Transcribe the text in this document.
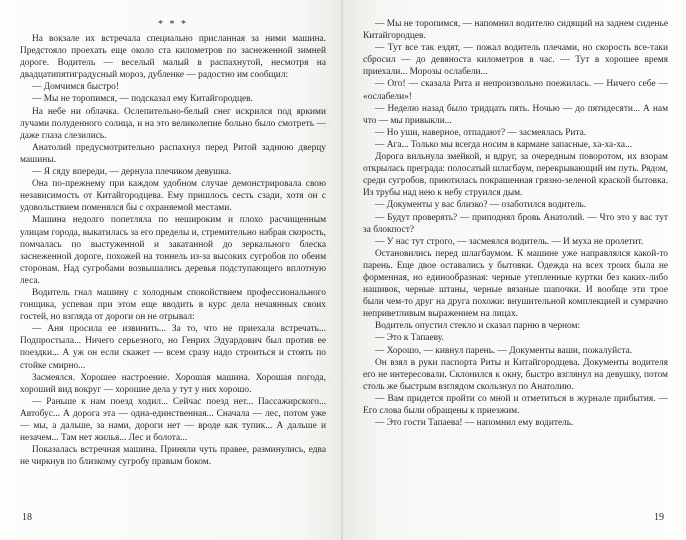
* * *

На вокзале их встречала специально присланная за ними машина. Предстояло проехать еще около ста километров по заснеженной зимней дороге. Водитель — веселый малый в распахнутой, несмотря на двадцатипятиградусный мороз, дубленке — радостно им сообщил:

— Домчимся быстро!

— Мы не торопимся, — подсказал ему Китайгородцев.

На небе ни облачка. Ослепительно-белый снег искрился под яркими лучами полуденного солнца, и на это великолепие больно было смотреть — даже глаза слезились.

Анатолий предусмотрительно распахнул перед Ритой заднюю дверцу машины.

— Я сяду впереди, — дернула плечиком девушка.

Она по-прежнему при каждом удобном случае демонстрировала свою независимость от Китайгородцева. Ему пришлось сесть сзади, хотя он с удовольствием поменялся бы с охраняемой местами.

Машина недолго попетляла по нешироким и плохо расчищенным улицам города, выкатилась за его пределы и, стремительно набрав скорость, помчалась по выстуженной и закатанной до зеркального блеска заснеженной дороге, похожей на тоннель из-за высоких сугробов по обеим сторонам. Над сугробами возвышались деревья подступающего вплотную леса.

Водитель гнал машину с холодным спокойствием профессионального гонщика, успевая при этом еще вводить в курс дела нечаянных своих гостей, но взгляда от дороги он не отрывал:

— Аня просила ее извинить... За то, что не приехала встречать... Подпростыла... Ничего серьезного, но Генрих Эдуардович был против ее поездки... А уж он если скажет — всем сразу надо строиться и стоять по стойке смирно...

Засмеялся. Хорошее настроение. Хорошая машина. Хорошая погода, хороший вид вокруг — хорошие дела у тут у них хорошо.

— Раньше к нам поезд ходил... Сейчас поезд нет... Пассажирского... Автобус... А дорога эта — одна-единственная... Сначала — лес, потом уже — мы, а дальше, за нами, дороги нет — вроде как тупик... А дальше и незачем... Там нет жилья... Лес и болота...

Показалась встречная машина. Приняли чуть правее, разминулись, едва не чиркнув по близкому сугробу правым боком.

18

— Мы не торопимся, — напомнил водителю сидящий на заднем сиденье Китайгородцев.

— Тут все так ездят, — пожал водитель плечами, но скорость все-таки сбросил — до девяноста километров в час. — Тут в хорошее время приехали... Морозы ослабели...

— Ого! — сказала Рита и непроизвольно поежилась. — Ничего себе — «ослабели»!

— Неделю назад было тридцать пять. Ночью — до пятидесяти... А нам что — мы привыкли...

— Но уши, наверное, отпадают? — засмеялась Рита.

— Ага... Только мы всегда носим в кармане запасные, ха-ха-ха...

Дорога вильнула змейкой, и вдруг, за очередным поворотом, их взорам открылась преграда: полосатый шлагбаум, перекрывающий им путь. Рядом, среди сугробов, приютилась покрашенная грязно-зеленой краской бытовка. Из трубы над нею к небу струился дым.

— Документы у вас близко? — озаботился водитель.

— Будут проверять? — приподнял бровь Анатолий. — Что это у вас тут за блокпост?

— У нас тут строго, — засмеялся водитель. — И муха не пролетит.

Остановились перед шлагбаумом. К машине уже направлялся какой-то парень. Еще двое оставались у бытовки. Одежда на всех троих была не форменная, но единообразная: черные утепленные куртки без каких-либо нашивок, черные штаны, черные вязаные шапочки. И вообще эти трое были чем-то друг на друга похожи: внушительной комплекцией и сумрачно неприветливым выражением на лицах.

Водитель опустил стекло и сказал парню в черном:

— Это к Тапаеву.

— Хорошо, — кивнул парень. — Документы ваши, пожалуйста.

Он взял в руки паспорта Риты и Китайгородцева. Документы водителя его не интересовали. Склонился к окну, быстро взглянул на девушку, потом столь же быстрым взглядом скользнул по Анатолию.

— Вам придется пройти со мной и отметиться в журнале прибытия. — Его слова были обращены к приезжим.

— Это гости Тапаева! — напомнил ему водитель.

19
